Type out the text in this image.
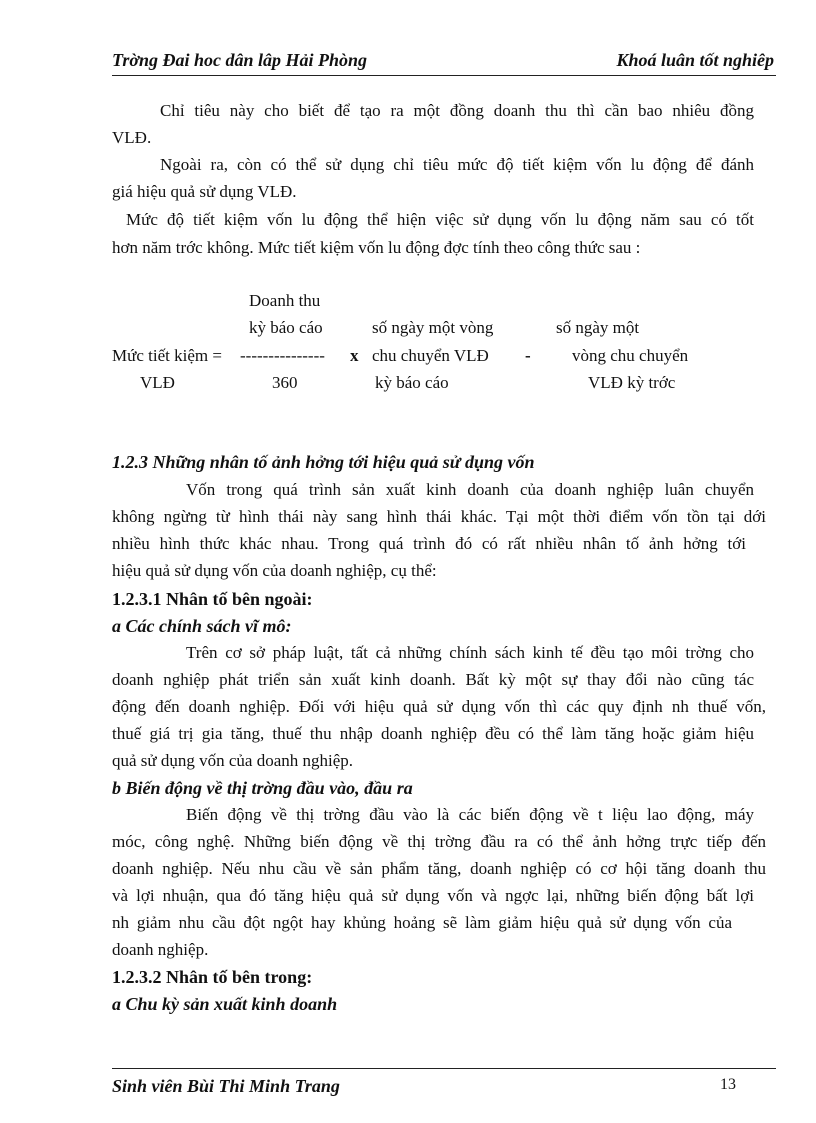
Trờng Đai hoc dân lâp Hải Phòng	Khoá luân tốt nghiêp
Chỉ tiêu này cho biết để tạo ra một đồng doanh thu thì cần bao nhiêu đồng
VLĐ.
Ngoài ra, còn có thể sử dụng chỉ tiêu mức độ tiết kiệm vốn lu động để đánh
giá hiệu quả sử dụng VLĐ.
Mức độ tiết kiệm vốn lu động thể hiện việc sử dụng vốn lu động năm sau có tốt
hơn năm trớc không. Mức tiết kiệm vốn lu động đợc tính theo công thức sau :
Doanh thu
kỳ báo cáo	số ngày một vòng	số ngày một
Mức tiết kiệm = --------------- x chu chuyển VLĐ - vòng chu chuyển
VLĐ	360	kỳ báo cáo	VLĐ kỳ trớc
1.2.3 Những nhân tố ảnh hởng tới hiệu quả sử dụng vốn
Vốn trong quá trình sản xuất kinh doanh của doanh nghiệp luân chuyển
không ngừng từ hình thái này sang hình thái khác. Tại một thời điểm vốn tồn tại dới
nhiều hình thức khác nhau. Trong quá trình đó có rất nhiều nhân tố ảnh hởng tới
hiệu quả sử dụng vốn của doanh nghiệp, cụ thể:
1.2.3.1 Nhân tố bên ngoài:
a Các chính sách vĩ mô:
Trên cơ sở pháp luật, tất cả những chính sách kinh tế đều tạo môi trờng cho
doanh nghiệp phát triển sản xuất kinh doanh. Bất kỳ một sự thay đổi nào cũng tác
động đến doanh nghiệp. Đối với hiệu quả sử dụng vốn thì các quy định nh thuế vốn,
thuế giá trị gia tăng, thuế thu nhập doanh nghiệp đều có thể làm tăng hoặc giảm hiệu
quả sử dụng vốn của doanh nghiệp.
b Biến động về thị trờng đầu vào, đầu ra
Biến động về thị trờng đầu vào là các biến động về t liệu lao động, máy
móc, công nghệ. Những biến động về thị trờng đầu ra có thể ảnh hởng trực tiếp đến
doanh nghiệp. Nếu nhu cầu về sản phẩm tăng, doanh nghiệp có cơ hội tăng doanh thu
và lợi nhuận, qua đó tăng hiệu quả sử dụng vốn và ngợc lại, những biến động bất lợi
nh giảm nhu cầu đột ngột hay khủng hoảng sẽ làm giảm hiệu quả sử dụng vốn của
doanh nghiệp.
1.2.3.2 Nhân tố bên trong:
a Chu kỳ sản xuất kinh doanh
Sinh viên Bùi Thi Minh Trang	13
